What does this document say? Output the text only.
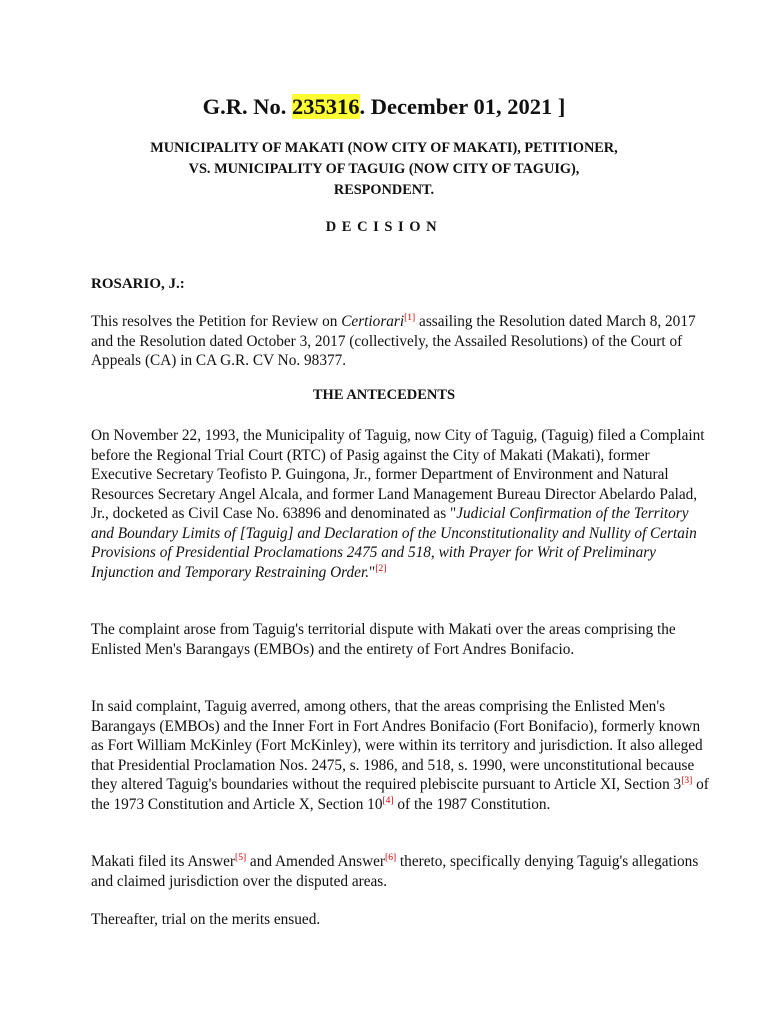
G.R. No. 235316. December 01, 2021 ]
MUNICIPALITY OF MAKATI (NOW CITY OF MAKATI), PETITIONER,
VS. MUNICIPALITY OF TAGUIG (NOW CITY OF TAGUIG),
RESPONDENT.
DECISION
ROSARIO, J.:

This resolves the Petition for Review on Certiorari[1] assailing the Resolution dated March 8, 2017 and the Resolution dated October 3, 2017 (collectively, the Assailed Resolutions) of the Court of Appeals (CA) in CA G.R. CV No. 98377.

THE ANTECEDENTS

On November 22, 1993, the Municipality of Taguig, now City of Taguig, (Taguig) filed a Complaint before the Regional Trial Court (RTC) of Pasig against the City of Makati (Makati), former Executive Secretary Teofisto P. Guingona, Jr., former Department of Environment and Natural Resources Secretary Angel Alcala, and former Land Management Bureau Director Abelardo Palad, Jr., docketed as Civil Case No. 63896 and denominated as "Judicial Confirmation of the Territory and Boundary Limits of [Taguig] and Declaration of the Unconstitutionality and Nullity of Certain Provisions of Presidential Proclamations 2475 and 518, with Prayer for Writ of Preliminary Injunction and Temporary Restraining Order."[2]

The complaint arose from Taguig's territorial dispute with Makati over the areas comprising the Enlisted Men's Barangays (EMBOs) and the entirety of Fort Andres Bonifacio.

In said complaint, Taguig averred, among others, that the areas comprising the Enlisted Men's Barangays (EMBOs) and the Inner Fort in Fort Andres Bonifacio (Fort Bonifacio), formerly known as Fort William McKinley (Fort McKinley), were within its territory and jurisdiction. It also alleged that Presidential Proclamation Nos. 2475, s. 1986, and 518, s. 1990, were unconstitutional because they altered Taguig's boundaries without the required plebiscite pursuant to Article XI, Section 3[3] of the 1973 Constitution and Article X, Section 10[4] of the 1987 Constitution.

Makati filed its Answer[5] and Amended Answer[6] thereto, specifically denying Taguig's allegations and claimed jurisdiction over the disputed areas.

Thereafter, trial on the merits ensued.
